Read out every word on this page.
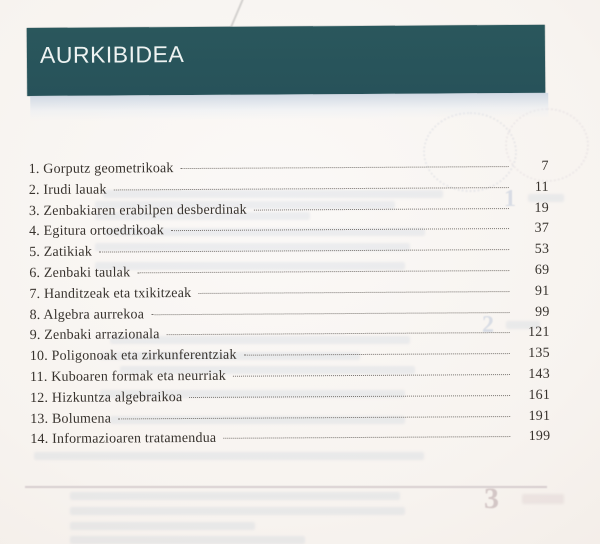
1
2
3
AURKIBIDEA
1. Gorputz geometrikoak	7
2. Irudi lauak	11
3. Zenbakiaren erabilpen desberdinak	19
4. Egitura ortoedrikoak	37
5. Zatikiak	53
6. Zenbaki taulak	69
7. Handitzeak eta txikitzeak	91
8. Algebra aurrekoa	99
9. Zenbaki arrazionala	121
10. Poligonoak eta zirkunferentziak	135
11. Kuboaren formak eta neurriak	143
12. Hizkuntza algebraikoa	161
13. Bolumena	191
14. Informazioaren tratamendua	199
